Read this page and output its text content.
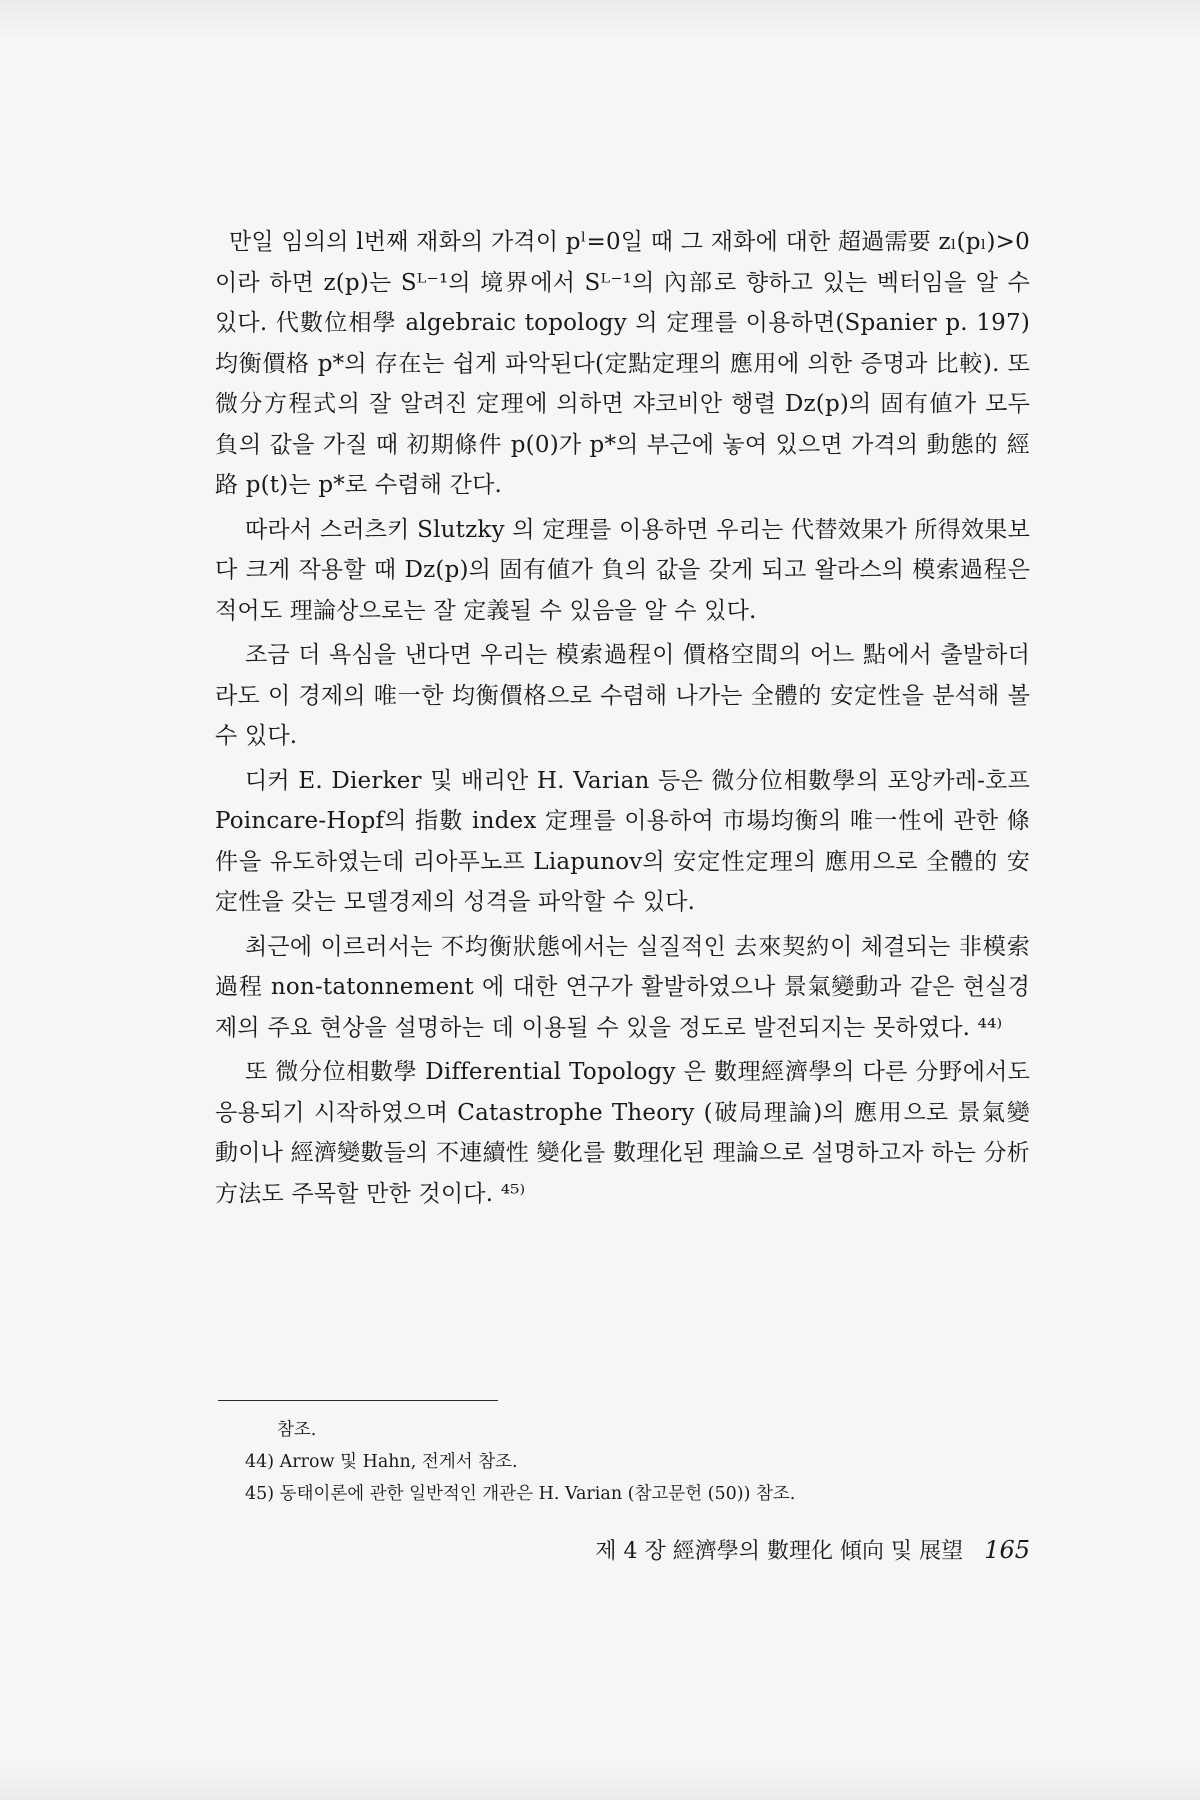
만일 임의의 l번째 재화의 가격이 pˡ=0일 때 그 재화에 대한 超過需要 zₗ(pₗ)>0이라 하면 z(p)는 Sᴸ⁻¹의 境界에서 Sᴸ⁻¹의 內部로 향하고 있는 벡터임을 알 수 있다. 代數位相學 algebraic topology 의 定理를 이용하면(Spanier p. 197) 均衡價格 p*의 存在는 쉽게 파악된다(定點定理의 應用에 의한 증명과 比較). 또 微分方程式의 잘 알려진 定理에 의하면 쟈코비안 행렬 Dz(p)의 固有値가 모두 負의 값을 가질 때 初期條件 p(0)가 p*의 부근에 놓여 있으면 가격의 動態的 經路 p(t)는 p*로 수렴해 간다.

따라서 스러츠키 Slutzky 의 定理를 이용하면 우리는 代替效果가 所得效果보다 크게 작용할 때 Dz(p)의 固有値가 負의 값을 갖게 되고 왈라스의 模索過程은 적어도 理論상으로는 잘 定義될 수 있음을 알 수 있다.

조금 더 욕심을 낸다면 우리는 模索過程이 價格空間의 어느 點에서 출발하더라도 이 경제의 唯一한 均衡價格으로 수렴해 나가는 全體的 安定性을 분석해 볼 수 있다.

디커 E. Dierker 및 배리안 H. Varian 등은 微分位相數學의 포앙카레-호프 Poincare-Hopf의 指數 index 定理를 이용하여 市場均衡의 唯一性에 관한 條件을 유도하였는데 리아푸노프 Liapunov의 安定性定理의 應用으로 全體的 安定性을 갖는 모델경제의 성격을 파악할 수 있다.

최근에 이르러서는 不均衡狀態에서는 실질적인 去來契約이 체결되는 非模索過程 non-tatonnement 에 대한 연구가 활발하였으나 景氣變動과 같은 현실경제의 주요 현상을 설명하는 데 이용될 수 있을 정도로 발전되지는 못하였다. ⁴⁴⁾

또 微分位相數學 Differential Topology 은 數理經濟學의 다른 分野에서도 응용되기 시작하였으며 Catastrophe Theory (破局理論)의 應用으로 景氣變動이나 經濟變數들의 不連續性 變化를 數理化된 理論으로 설명하고자 하는 分析方法도 주목할 만한 것이다. ⁴⁵⁾

참조.

44) Arrow 및 Hahn, 전게서 참조.

45) 동태이론에 관한 일반적인 개관은 H. Varian (참고문헌 (50)) 참조.

제 4 장 經濟學의 數理化 傾向 및 展望 165
